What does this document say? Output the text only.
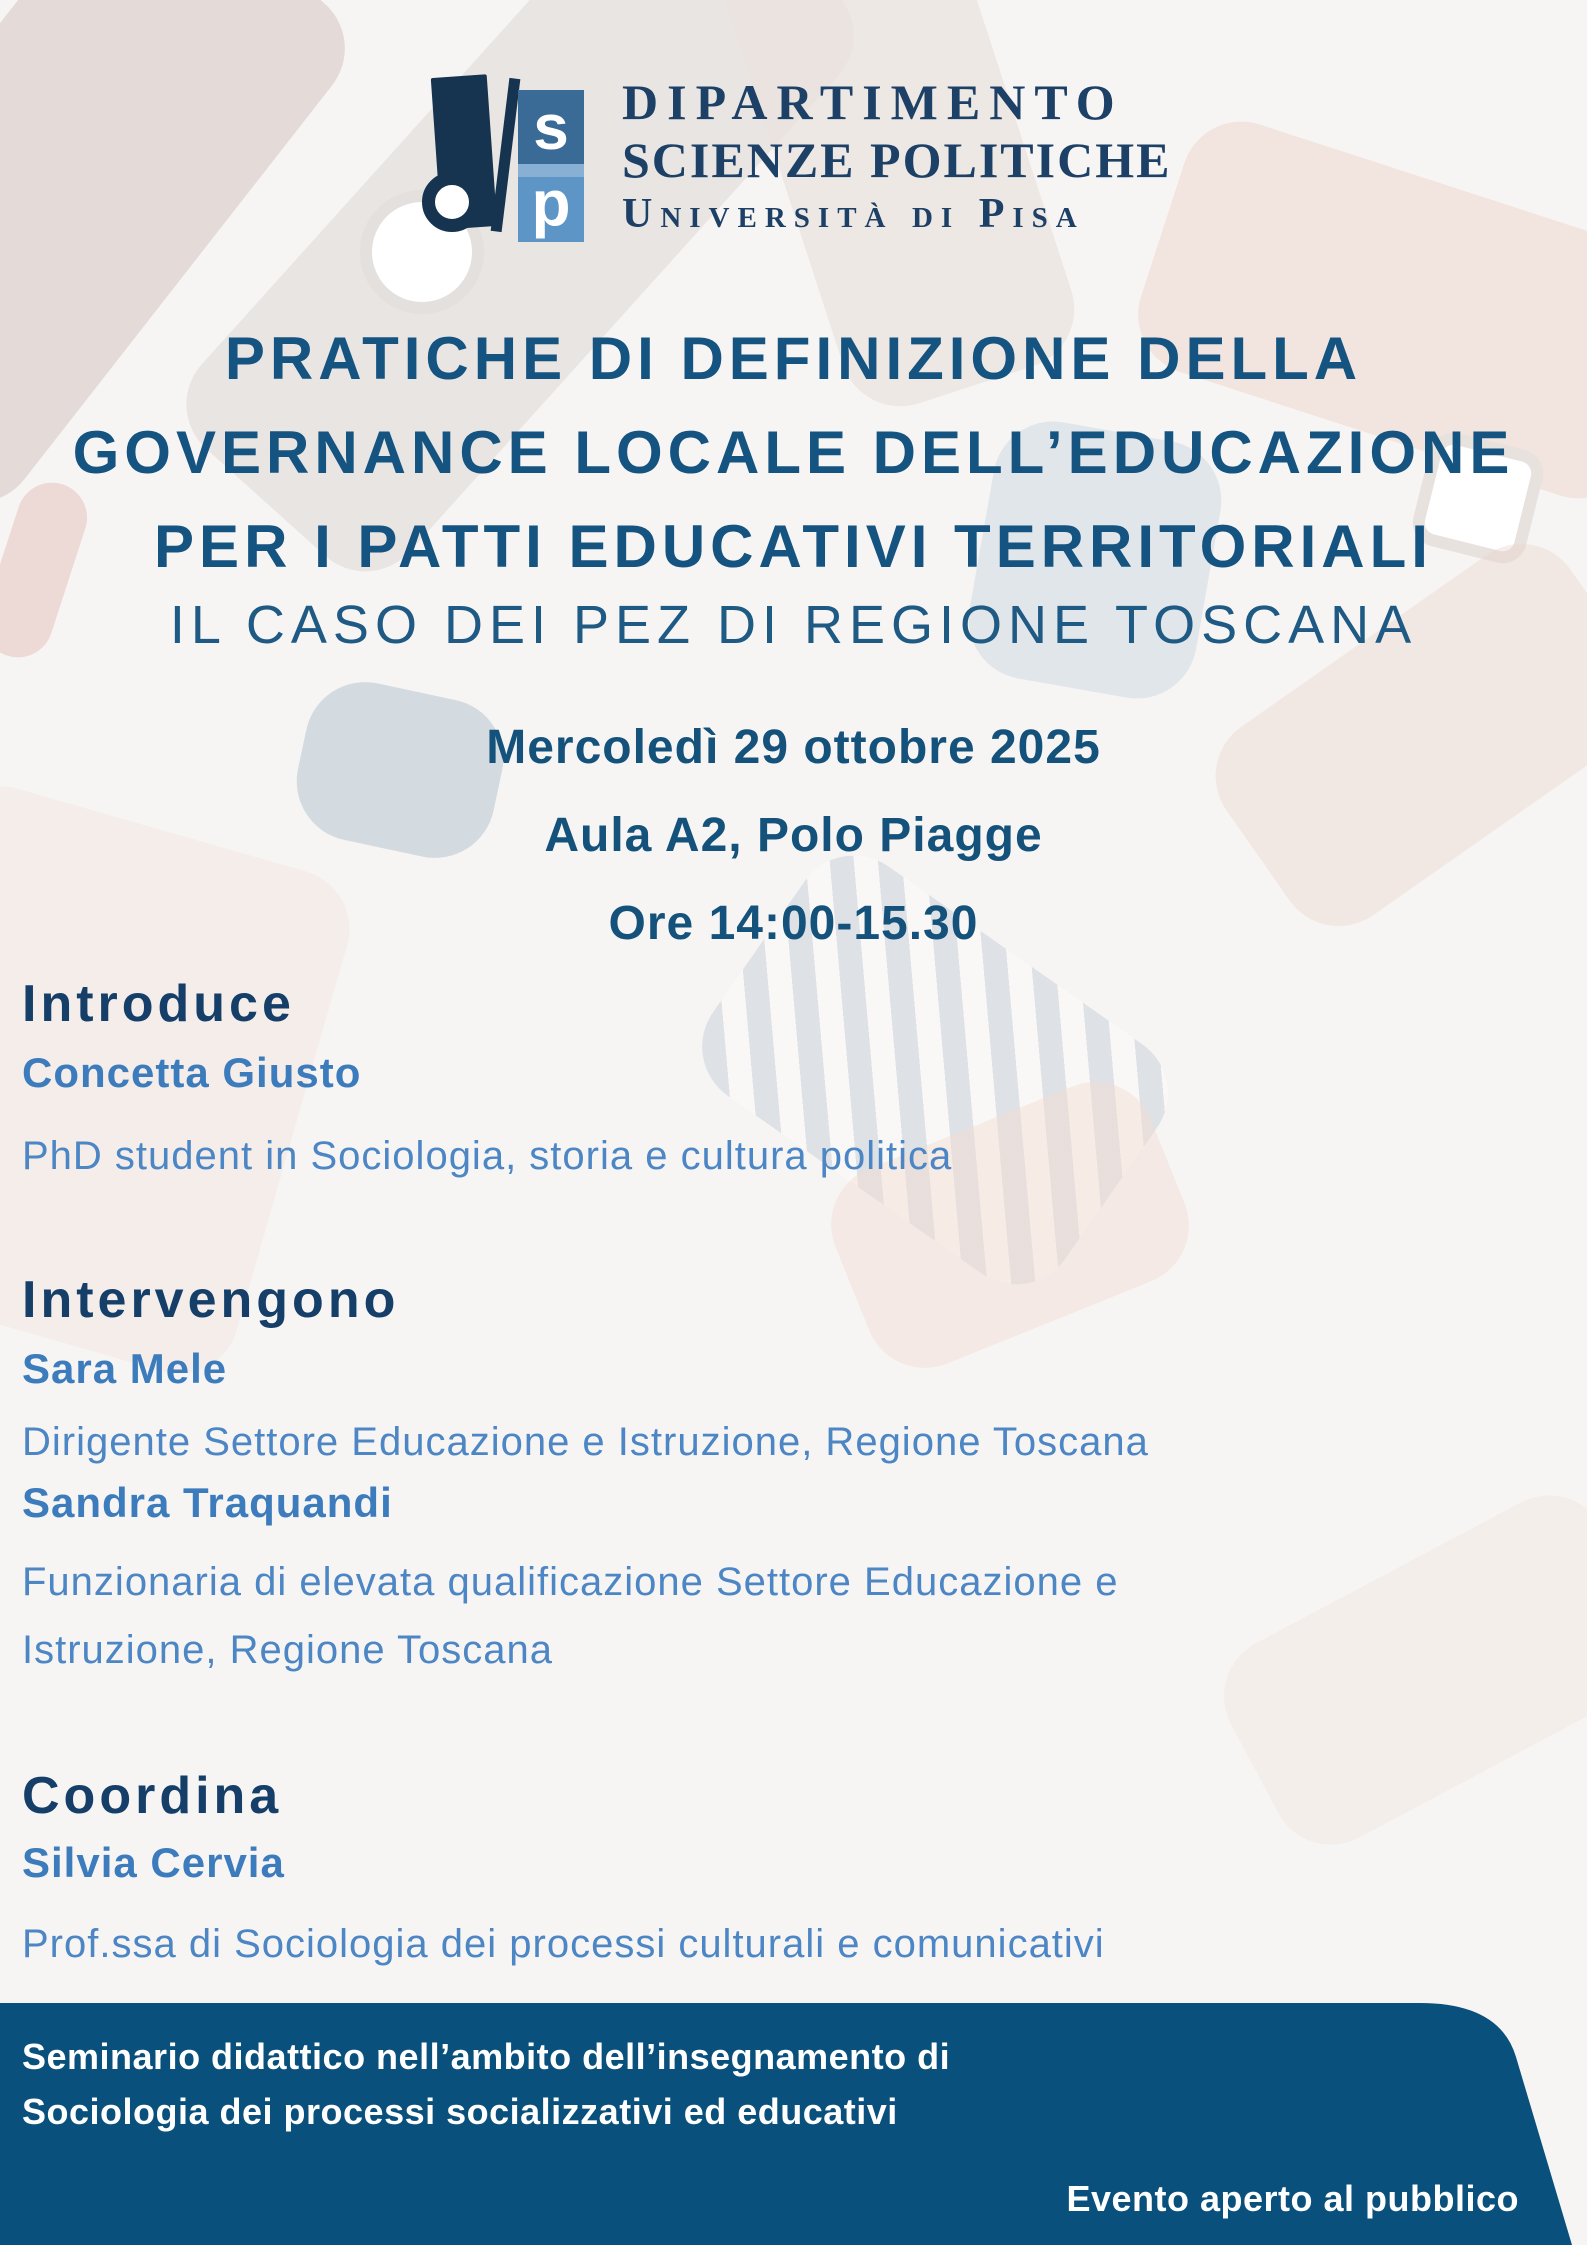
s
p
DIPARTIMENTO
SCIENZE POLITICHE
Università di Pisa
PRATICHE DI DEFINIZIONE DELLA
GOVERNANCE LOCALE DELL’EDUCAZIONE
PER I PATTI EDUCATIVI TERRITORIALI
IL CASO DEI PEZ DI REGIONE TOSCANA
Mercoledì 29 ottobre 2025
Aula A2, Polo Piagge
Ore 14:00-15.30
Introduce
Concetta Giusto
PhD student in Sociologia, storia e cultura politica
Intervengono
Sara Mele
Dirigente Settore Educazione e Istruzione, Regione Toscana
Sandra Traquandi
Funzionaria di elevata qualificazione Settore Educazione e Istruzione, Regione Toscana
Coordina
Silvia Cervia
Prof.ssa di Sociologia dei processi culturali e comunicativi
Seminario didattico nell’ambito dell’insegnamento di
Sociologia dei processi socializzativi ed educativi
Evento aperto al pubblico
